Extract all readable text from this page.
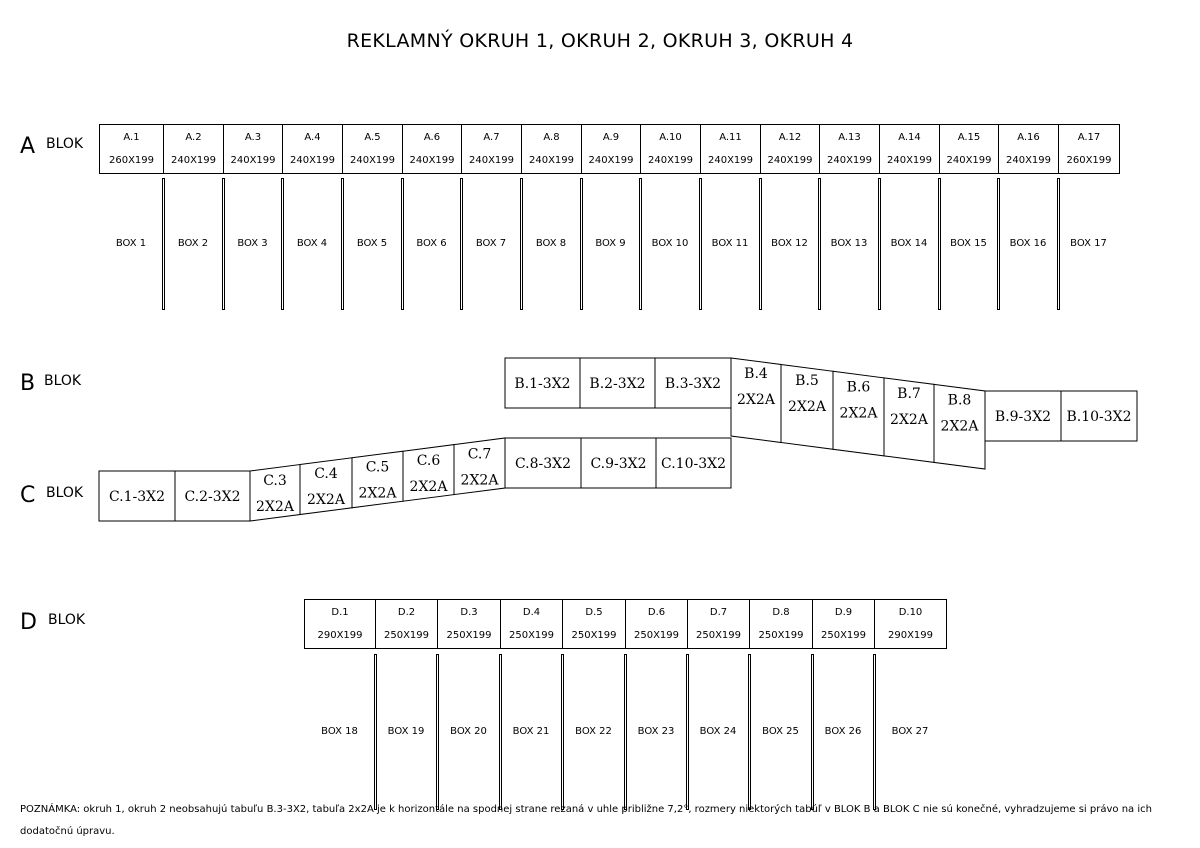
REKLAMNÝ OKRUH 1, OKRUH 2, OKRUH 3, OKRUH 4
A BLOK
B BLOK
C BLOK
D BLOK
A.1
260X199
BOX 1
A.2
240X199
BOX 2
A.3
240X199
BOX 3
A.4
240X199
BOX 4
A.5
240X199
BOX 5
A.6
240X199
BOX 6
A.7
240X199
BOX 7
A.8
240X199
BOX 8
A.9
240X199
BOX 9
A.10
240X199
BOX 10
A.11
240X199
BOX 11
A.12
240X199
BOX 12
A.13
240X199
BOX 13
A.14
240X199
BOX 14
A.15
240X199
BOX 15
A.16
240X199
BOX 16
A.17
260X199
BOX 17
D.1
290X199
BOX 18
D.2
250X199
BOX 19
D.3
250X199
BOX 20
D.4
250X199
BOX 21
D.5
250X199
BOX 22
D.6
250X199
BOX 23
D.7
250X199
BOX 24
D.8
250X199
BOX 25
D.9
250X199
BOX 26
D.10
290X199
BOX 27
B.1-3X2 B.2-3X2 B.3-3X2
B.4
2X2A
B.5
2X2A
B.6
2X2A
B.7
2X2A
B.8
2X2A
B.9-3X2 B.10-3X2
C.1-3X2 C.2-3X2
C.3
2X2A
C.4
2X2A
C.5
2X2A
C.6
2X2A
C.7
2X2A
C.8-3X2 C.9-3X2 C.10-3X2
POZNÁMKA: okruh 1, okruh 2 neobsahujú tabuľu B.3-3X2, tabuľa 2x2A je k horizontále na spodnej strane rezaná v uhle približne 7,2°, rozmery niektorých tabúľ v BLOK B a BLOK C nie sú konečné, vyhradzujeme si právo na ich dodatočnú úpravu.
